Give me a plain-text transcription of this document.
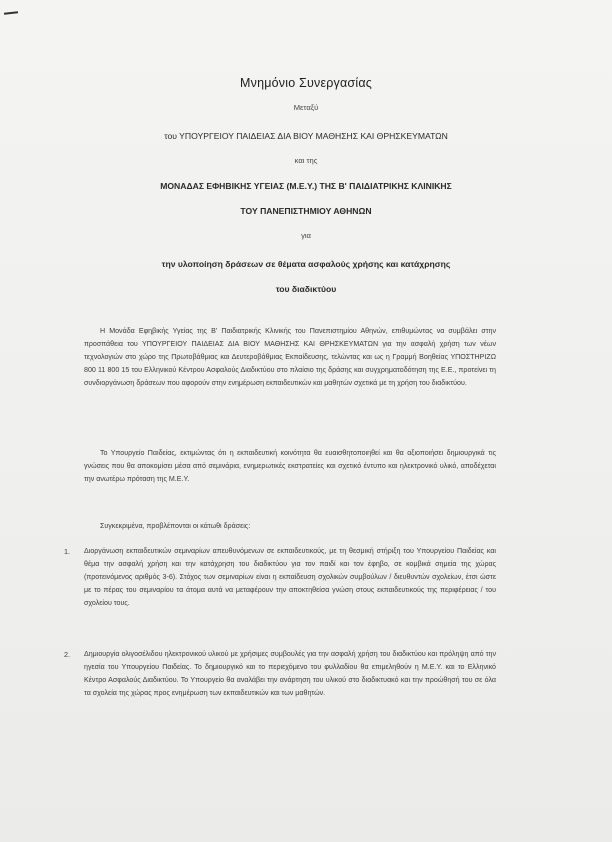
Μνημόνιο Συνεργασίας
Μεταξύ
του ΥΠΟΥΡΓΕΙΟΥ ΠΑΙΔΕΙΑΣ ΔΙΑ ΒΙΟΥ ΜΑΘΗΣΗΣ ΚΑΙ ΘΡΗΣΚΕΥΜΑΤΩΝ
και της
ΜΟΝΑΔΑΣ ΕΦΗΒΙΚΗΣ ΥΓΕΙΑΣ (Μ.Ε.Υ.) ΤΗΣ Β' ΠΑΙΔΙΑΤΡΙΚΗΣ ΚΛΙΝΙΚΗΣ
ΤΟΥ ΠΑΝΕΠΙΣΤΗΜΙΟΥ ΑΘΗΝΩΝ
για
την υλοποίηση δράσεων σε θέματα ασφαλούς χρήσης και κατάχρησης
του διαδικτύου
Η Μονάδα Εφηβικής Υγείας της Β' Παιδιατρικής Κλινικής του Πανεπιστημίου Αθηνών, επιθυμώντας να συμβάλει στην προσπάθεια του ΥΠΟΥΡΓΕΙΟΥ ΠΑΙΔΕΙΑΣ ΔΙΑ ΒΙΟΥ ΜΑΘΗΣΗΣ ΚΑΙ ΘΡΗΣΚΕΥΜΑΤΩΝ για την ασφαλή χρήση των νέων τεχνολογιών στο χώρο της Πρωτοβάθμιας και Δευτεροβάθμιας Εκπαίδευσης, τελώντας και ως η Γραμμή Βοηθείας ΥΠΟΣΤΗΡΙΖΩ 800 11 800 15 του Ελληνικού Κέντρου Ασφαλούς Διαδικτύου στο πλαίσιο της δράσης και συγχρηματοδότηση της Ε.Ε., προτείνει τη συνδιοργάνωση δράσεων που αφορούν στην ενημέρωση εκπαιδευτικών και μαθητών σχετικά με τη χρήση του διαδικτύου.
Το Υπουργείο Παιδείας, εκτιμώντας ότι η εκπαιδευτική κοινότητα θα ευαισθητοποιηθεί και θα αξιοποιήσει δημιουργικά τις γνώσεις που θα αποκομίσει μέσα από σεμινάρια, ενημερωτικές εκστρατείες και σχετικό έντυπο και ηλεκτρονικό υλικό, αποδέχεται την ανωτέρω πρόταση της Μ.Ε.Υ.
Συγκεκριμένα, προβλέπονται οι κάτωθι δράσεις:
1.	Διοργάνωση εκπαιδευτικών σεμιναρίων απευθυνόμενων σε εκπαιδευτικούς, με τη θεσμική στήριξη του Υπουργείου Παιδείας και θέμα την ασφαλή χρήση και την κατάχρηση του διαδικτύου για τον παιδί και τον έφηβο, σε κομβικά σημεία της χώρας (προτεινόμενος αριθμός 3-6). Στόχος των σεμιναρίων είναι η εκπαίδευση σχολικών συμβούλων / διευθυντών σχολείων, έτσι ώστε με το πέρας του σεμιναρίου τα άτομα αυτά να μεταφέρουν την αποκτηθείσα γνώση στους εκπαιδευτικούς της περιφέρειας / του σχολείου τους.
2.	Δημιουργία ολιγοσέλιδου ηλεκτρονικού υλικού με χρήσιμες συμβουλές για την ασφαλή χρήση του διαδικτύου και πρόληψη από την ηγεσία του Υπουργείου Παιδείας. Το δημιουργικό και το περιεχόμενο του φυλλαδίου θα επιμεληθούν η Μ.Ε.Υ. και το Ελληνικό Κέντρο Ασφαλούς Διαδικτύου. Το Υπουργείο θα αναλάβει την ανάρτηση του υλικού στο διαδικτυακό και την προώθησή του σε όλα τα σχολεία της χώρας προς ενημέρωση των εκπαιδευτικών και των μαθητών.
